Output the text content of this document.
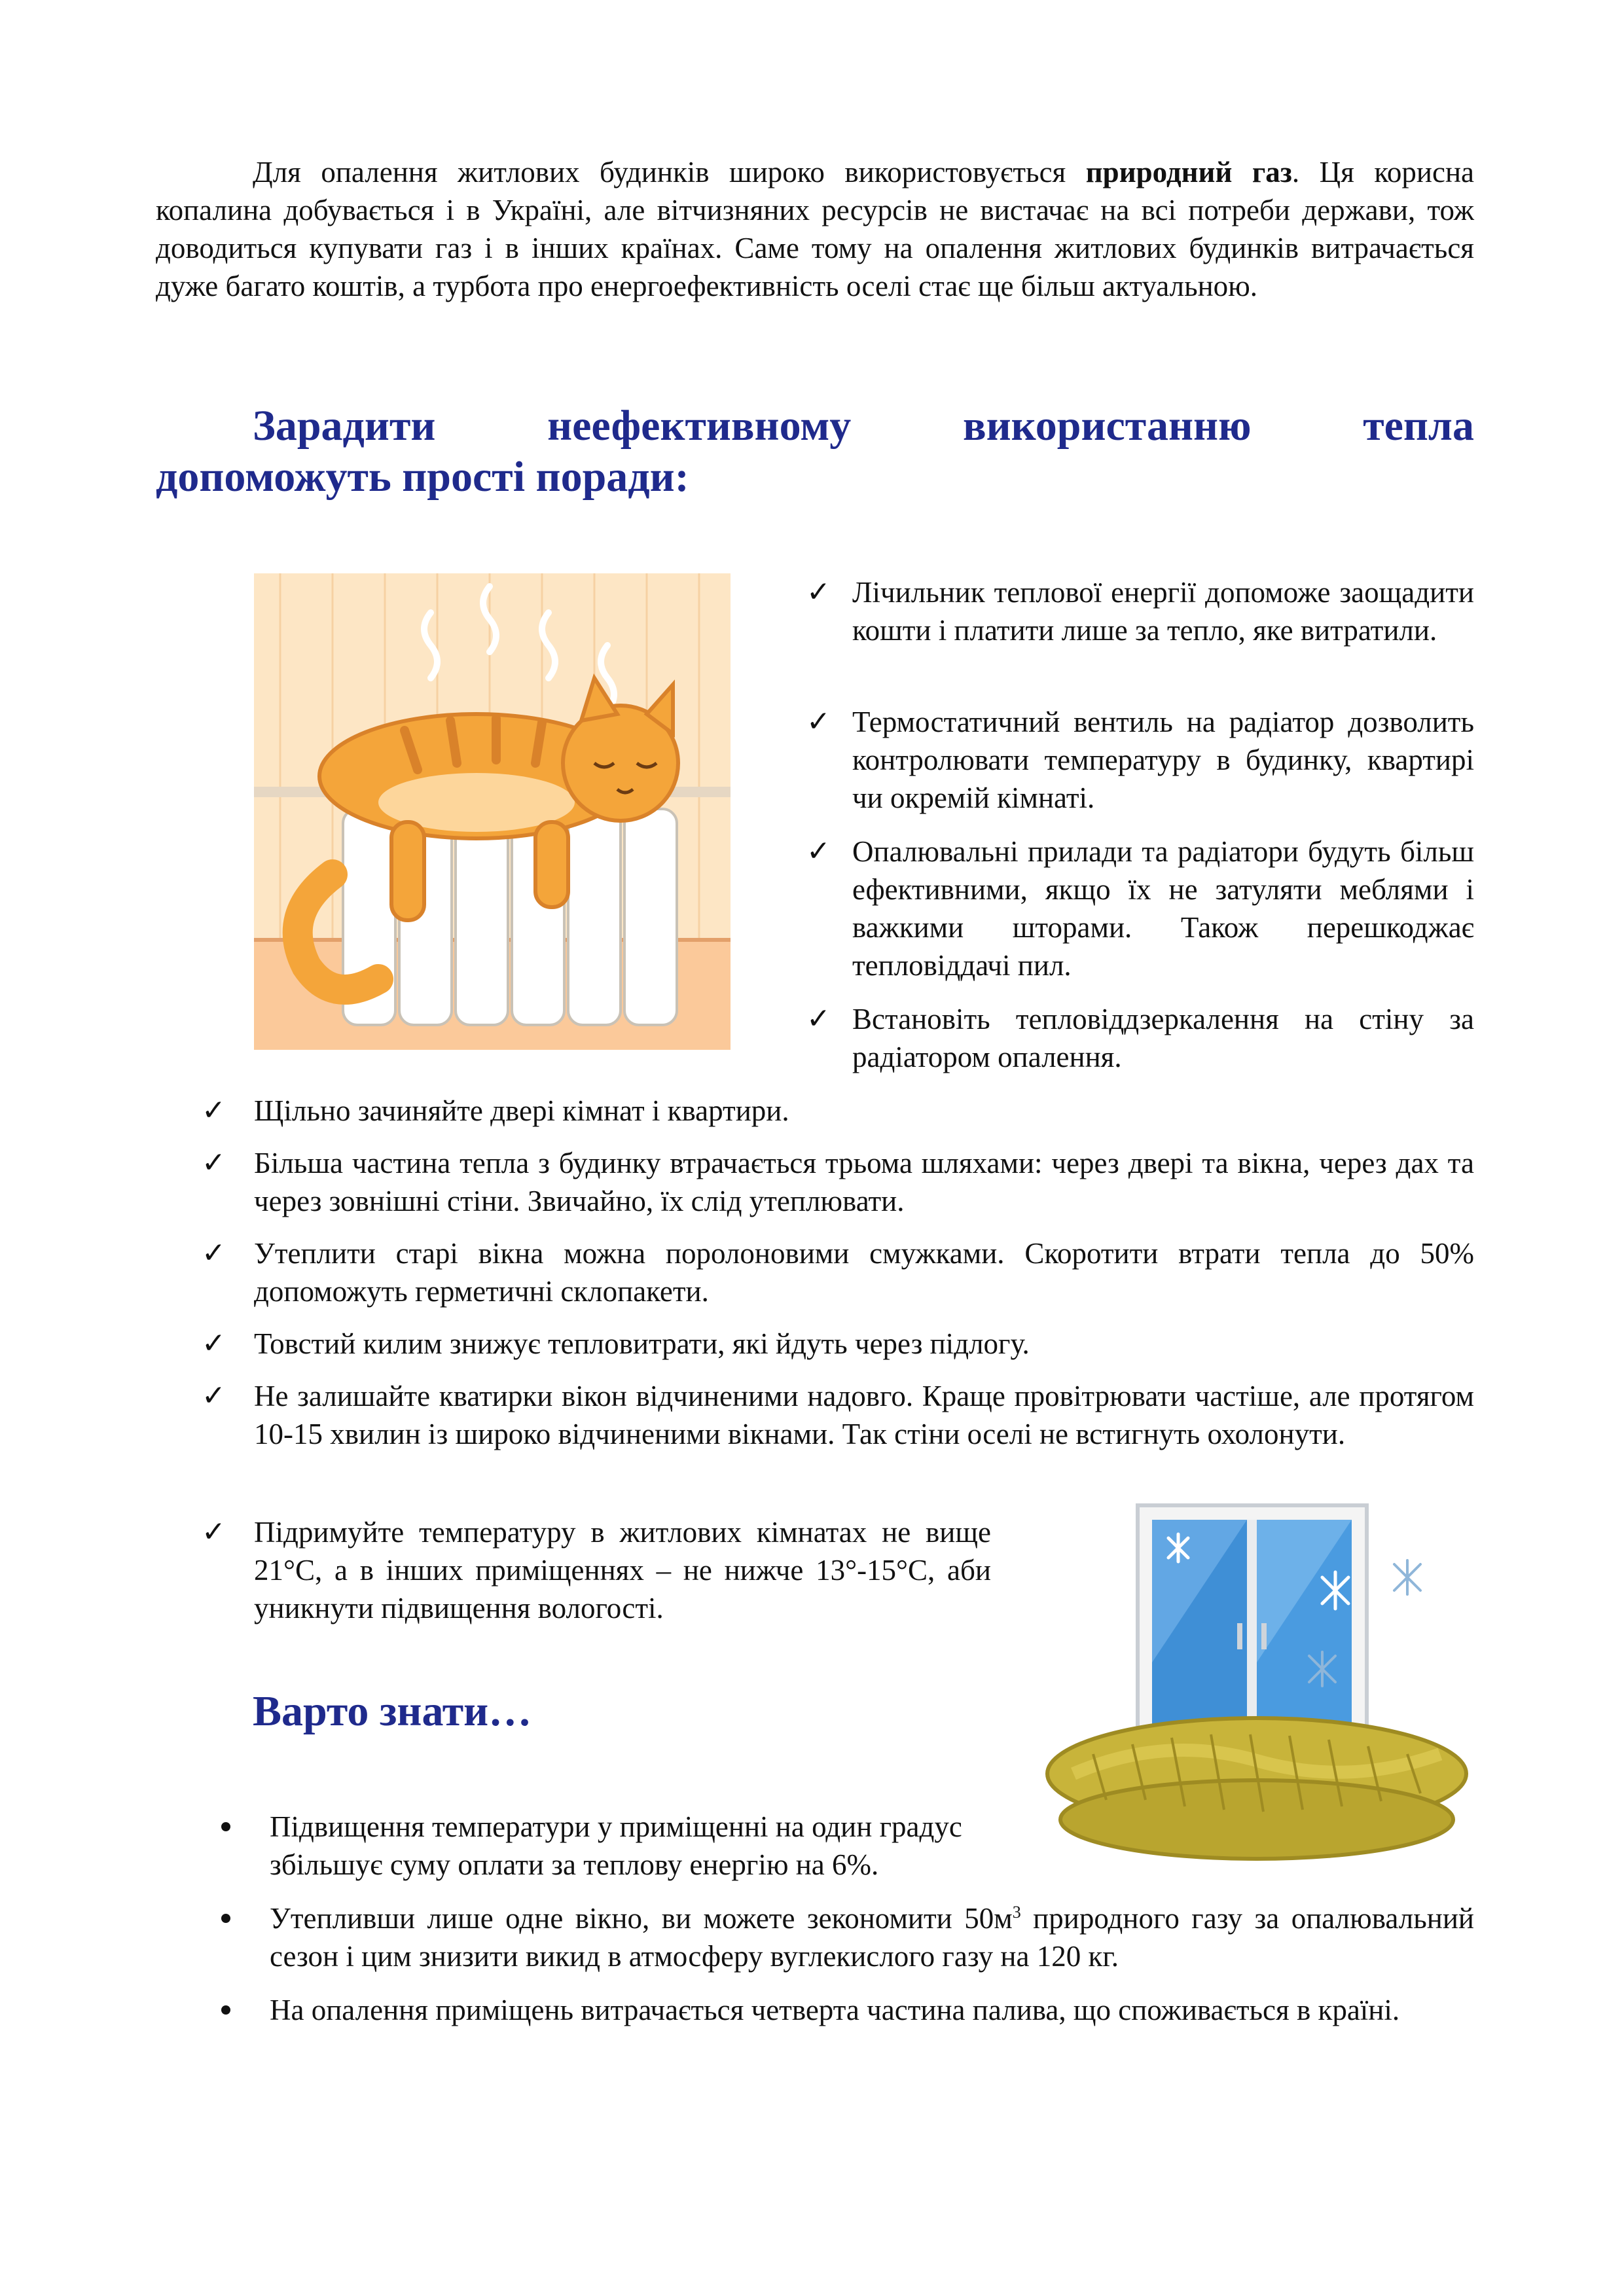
Для опалення житлових будинків широко використовується природний газ. Ця корисна копалина добувається і в Україні, але вітчизняних ресурсів не вистачає на всі потреби держави, тож доводиться купувати газ і в інших країнах. Саме тому на опалення житлових будинків витрачається дуже багато коштів, а турбота про енергоефективність оселі стає ще більш актуальною.

Зарадити	неефективному	використанню	тепла
допоможуть прості поради:
✓ Лічильник теплової енергії допоможе заощадити кошти і платити лише за тепло, яке витратили.

✓ Термостатичний вентиль на радіатор дозволить контролювати температуру в будинку, квартирі чи окремій кімнаті.

✓ Опалювальні прилади та радіатори будуть більш ефективними, якщо їх не затуляти меблями і важкими шторами. Також перешкоджає тепловіддачі пил.

✓ Встановіть тепловіддзеркалення на стіну за радіатором опалення.

✓ Щільно зачиняйте двері кімнат і квартири.

✓ Більша частина тепла з будинку втрачається трьома шляхами: через двері та вікна, через дах та через зовнішні стіни. Звичайно, їх слід утеплювати.

✓ Утеплити старі вікна можна поролоновими смужками. Скоротити втрати тепла до 50% допоможуть герметичні склопакети.

✓ Товстий килим знижує тепловитрати, які йдуть через підлогу.

✓ Не залишайте кватирки вікон відчиненими надовго. Краще провітрювати частіше, але протягом 10-15 хвилин із широко відчиненими вікнами. Так стіни оселі не встигнуть охолонути.

✓ Підримуйте температуру в житлових кімнатах не вище 21°С, а в інших приміщеннях – не нижче 13°-15°С, аби уникнути підвищення вологості.

Варто знати…

Підвищення температури у приміщенні на один градус збільшує суму оплати за теплову енергію на 6%.

Утепливши лише одне вікно, ви можете зекономити $50м^3$ природного газу за опалювальний сезон і цим знизити викид в атмосферу вуглекислого газу на 120 кг.

На опалення приміщень витрачається четверта частина палива, що споживається в країні.
